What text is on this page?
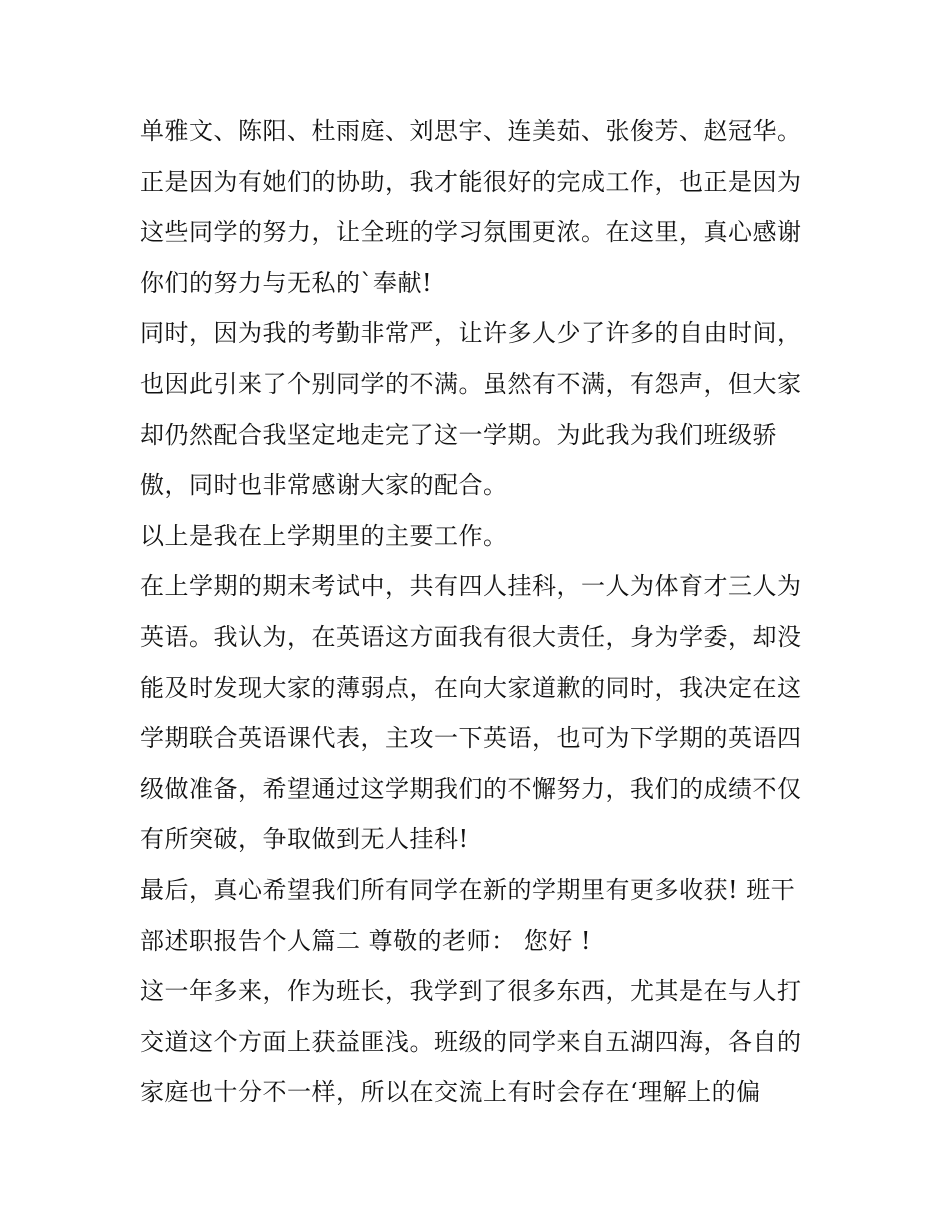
单雅文、陈阳、杜雨庭、刘思宇、连美茹、张俊芳、赵冠华。
正是因为有她们的协助，我才能很好的完成工作，也正是因为
这些同学的努力，让全班的学习氛围更浓。在这里，真心感谢
你们的努力与无私的`奉献!
同时，因为我的考勤非常严，让许多人少了许多的自由时间，
也因此引来了个别同学的不满。虽然有不满，有怨声，但大家
却仍然配合我坚定地走完了这一学期。为此我为我们班级骄
傲，同时也非常感谢大家的配合。
以上是我在上学期里的主要工作。
在上学期的期末考试中，共有四人挂科，一人为体育才三人为
英语。我认为，在英语这方面我有很大责任，身为学委，却没
能及时发现大家的薄弱点，在向大家道歉的同时，我决定在这
学期联合英语课代表，主攻一下英语，也可为下学期的英语四
级做准备，希望通过这学期我们的不懈努力，我们的成绩不仅
有所突破，争取做到无人挂科!
最后，真心希望我们所有同学在新的学期里有更多收获! 班干
部述职报告个人篇二 尊敬的老师： 您好 !
这一年多来，作为班长，我学到了很多东西，尤其是在与人打
交道这个方面上获益匪浅。班级的同学来自五湖四海，各自的
家庭也十分不一样，所以在交流上有时会存在‘理解上的偏
